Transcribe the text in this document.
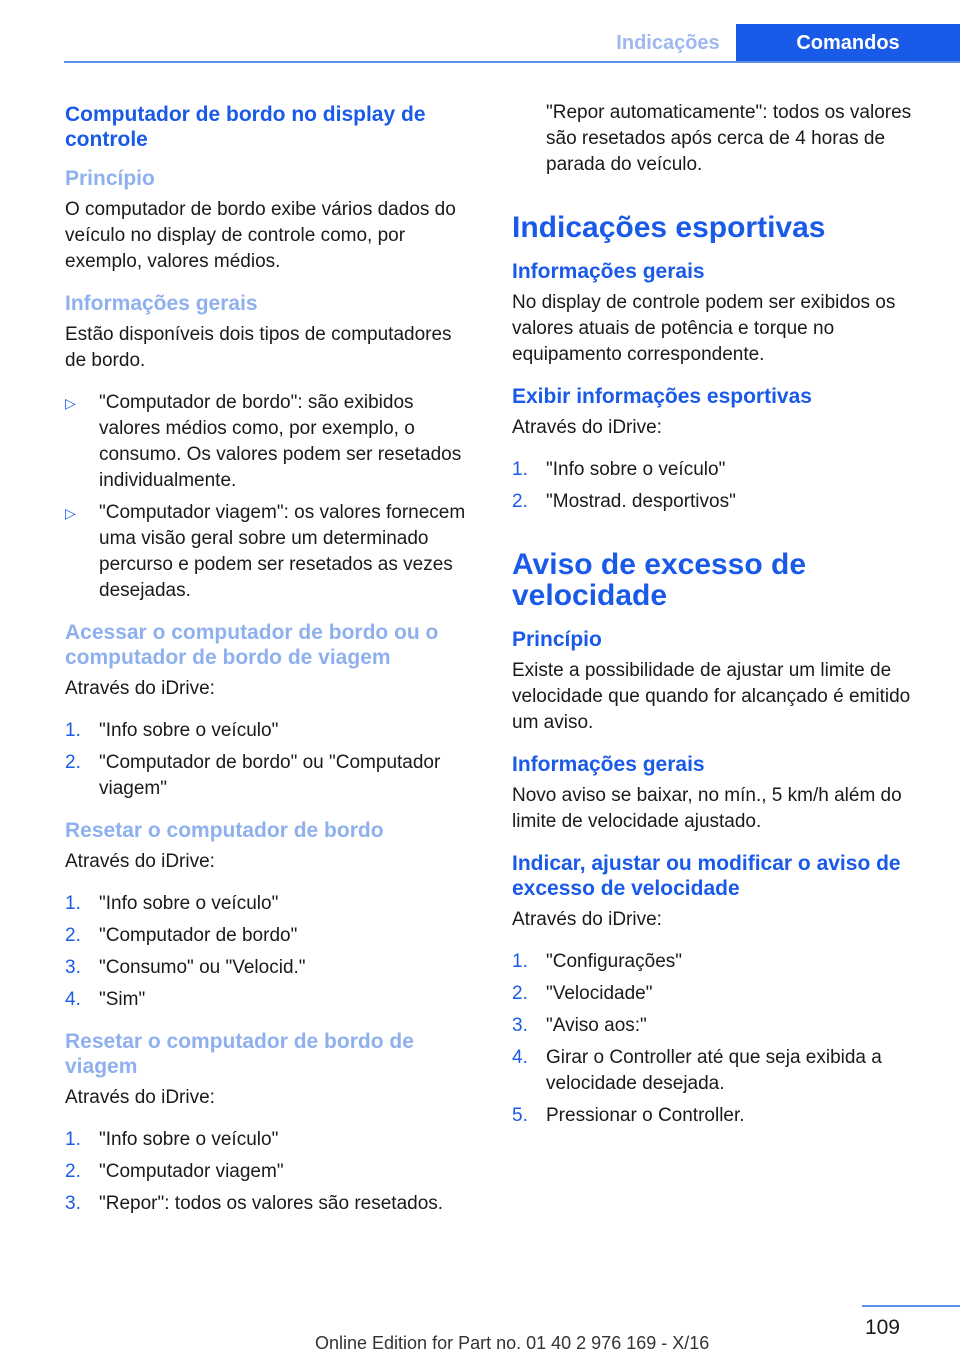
Indicações	Comandos
Computador de bordo no display de controle
Princípio

O computador de bordo exibe vários dados do veículo no display de controle como, por exemplo, valores médios.

Informações gerais

Estão disponíveis dois tipos de computadores de bordo.

▷ "Computador de bordo": são exibidos valores médios como, por exemplo, o consumo. Os valores podem ser resetados individualmente.
▷ "Computador viagem": os valores fornecem uma visão geral sobre um determinado percurso e podem ser resetados as vezes desejadas.
Acessar o computador de bordo ou o computador de bordo de viagem

Através do iDrive:

1. "Info sobre o veículo"
2. "Computador de bordo" ou "Computador viagem"
Resetar o computador de bordo

Através do iDrive:

1. "Info sobre o veículo"
2. "Computador de bordo"
3. "Consumo" ou "Velocid."
4. "Sim"
Resetar o computador de bordo de viagem

Através do iDrive:

1. "Info sobre o veículo"
2. "Computador viagem"
3. "Repor": todos os valores são resetados.

"Repor automaticamente": todos os valores são resetados após cerca de 4 horas de parada do veículo.

Indicações esportivas
Informações gerais

No display de controle podem ser exibidos os valores atuais de potência e torque no equipamento correspondente.

Exibir informações esportivas

Através do iDrive:

1. "Info sobre o veículo"
2. "Mostrad. desportivos"
Aviso de excesso de velocidade
Princípio

Existe a possibilidade de ajustar um limite de velocidade que quando for alcançado é emitido um aviso.

Informações gerais

Novo aviso se baixar, no mín., 5 km/h além do limite de velocidade ajustado.

Indicar, ajustar ou modificar o aviso de excesso de velocidade

Através do iDrive:

1. "Configurações"
2. "Velocidade"
3. "Aviso aos:"
4. Girar o Controller até que seja exibida a velocidade desejada.
5. Pressionar o Controller.
109
Online Edition for Part no. 01 40 2 976 169 - X/16
